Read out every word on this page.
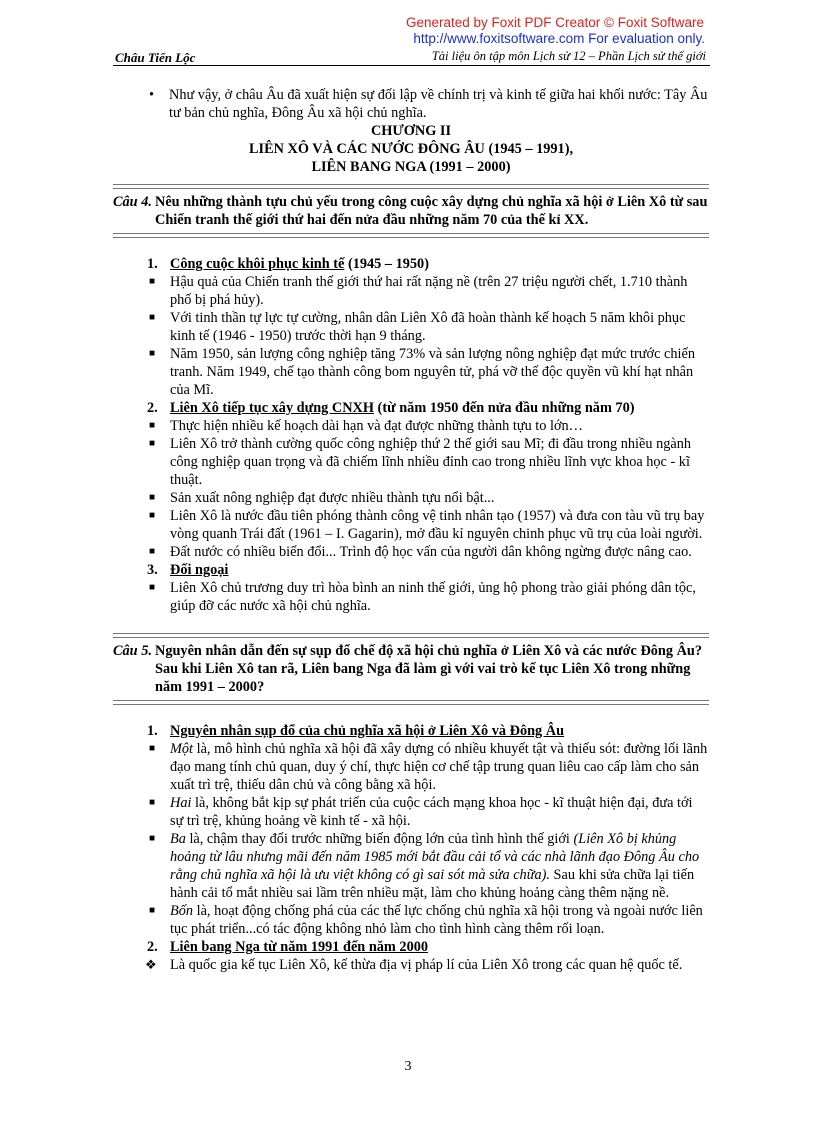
Generated by Foxit PDF Creator © Foxit Software
http://www.foxitsoftware.com For evaluation only.
Châu Tiến Lộc	Tài liệu ôn tập môn Lịch sử 12 – Phần Lịch sử thế giới
• Như vậy, ở châu Âu đã xuất hiện sự đối lập về chính trị và kinh tế giữa hai khối nước: Tây Âu tư bản chủ nghĩa, Đông Âu xã hội chủ nghĩa.
CHƯƠNG II
LIÊN XÔ VÀ CÁC NƯỚC ĐÔNG ÂU (1945 – 1991),
LIÊN BANG NGA (1991 – 2000)
Câu 4. Nêu những thành tựu chủ yếu trong công cuộc xây dựng chủ nghĩa xã hội ở Liên Xô từ sau Chiến tranh thế giới thứ hai đến nửa đầu những năm 70 của thế kỉ XX.
1. Công cuộc khôi phục kinh tế (1945 – 1950)
■ Hậu quả của Chiến tranh thế giới thứ hai rất nặng nề (trên 27 triệu người chết, 1.710 thành phố bị phá hủy).
■ Với tinh thần tự lực tự cường, nhân dân Liên Xô đã hoàn thành kế hoạch 5 năm khôi phục kinh tế (1946 - 1950) trước thời hạn 9 tháng.
■ Năm 1950, sản lượng công nghiệp tăng 73% và sản lượng nông nghiệp đạt mức trước chiến tranh. Năm 1949, chế tạo thành công bom nguyên tử, phá vỡ thế độc quyền vũ khí hạt nhân của Mĩ.
2. Liên Xô tiếp tục xây dựng CNXH (từ năm 1950 đến nửa đầu những năm 70)
■ Thực hiện nhiều kế hoạch dài hạn và đạt được những thành tựu to lớn…
■ Liên Xô trở thành cường quốc công nghiệp thứ 2 thế giới sau Mĩ; đi đầu trong nhiều ngành công nghiệp quan trọng và đã chiếm lĩnh nhiều đỉnh cao trong nhiều lĩnh vực khoa học - kĩ thuật.
■ Sản xuất nông nghiệp đạt được nhiều thành tựu nổi bật...
■ Liên Xô là nước đầu tiên phóng thành công vệ tinh nhân tạo (1957) và đưa con tàu vũ trụ bay vòng quanh Trái đất (1961 – I. Gagarin), mở đầu kỉ nguyên chinh phục vũ trụ của loài người.
■ Đất nước có nhiều biến đổi... Trình độ học vấn của người dân không ngừng được nâng cao.
3. Đối ngoại
■ Liên Xô chủ trương duy trì hòa bình an ninh thế giới, ủng hộ phong trào giải phóng dân tộc, giúp đỡ các nước xã hội chủ nghĩa.
Câu 5. Nguyên nhân dẫn đến sự sụp đổ chế độ xã hội chủ nghĩa ở Liên Xô và các nước Đông Âu? Sau khi Liên Xô tan rã, Liên bang Nga đã làm gì với vai trò kế tục Liên Xô trong những năm 1991 – 2000?
1. Nguyên nhân sụp đổ của chủ nghĩa xã hội ở Liên Xô và Đông Âu
■ Một là, mô hình chủ nghĩa xã hội đã xây dựng có nhiều khuyết tật và thiếu sót: đường lối lãnh đạo mang tính chủ quan, duy ý chí, thực hiện cơ chế tập trung quan liêu cao cấp làm cho sản xuất trì trệ, thiếu dân chủ và công bằng xã hội.
■ Hai là, không bắt kịp sự phát triển của cuộc cách mạng khoa học - kĩ thuật hiện đại, đưa tới sự trì trệ, khủng hoảng về kinh tế - xã hội.
■ Ba là, chậm thay đổi trước những biến động lớn của tình hình thế giới (Liên Xô bị khủng hoảng từ lâu nhưng mãi đến năm 1985 mới bắt đầu cải tổ và các nhà lãnh đạo Đông Âu cho rằng chủ nghĩa xã hội là ưu việt không có gì sai sót mà sửa chữa). Sau khi sửa chữa lại tiến hành cải tổ mắt nhiều sai lầm trên nhiều mặt, làm cho khủng hoảng càng thêm nặng nề.
■ Bốn là, hoạt động chống phá của các thế lực chống chủ nghĩa xã hội trong và ngoài nước liên tục phát triển...có tác động không nhỏ làm cho tình hình càng thêm rối loạn.
2. Liên bang Nga từ năm 1991 đến năm 2000
❖ Là quốc gia kế tục Liên Xô, kế thừa địa vị pháp lí của Liên Xô trong các quan hệ quốc tế.
3
